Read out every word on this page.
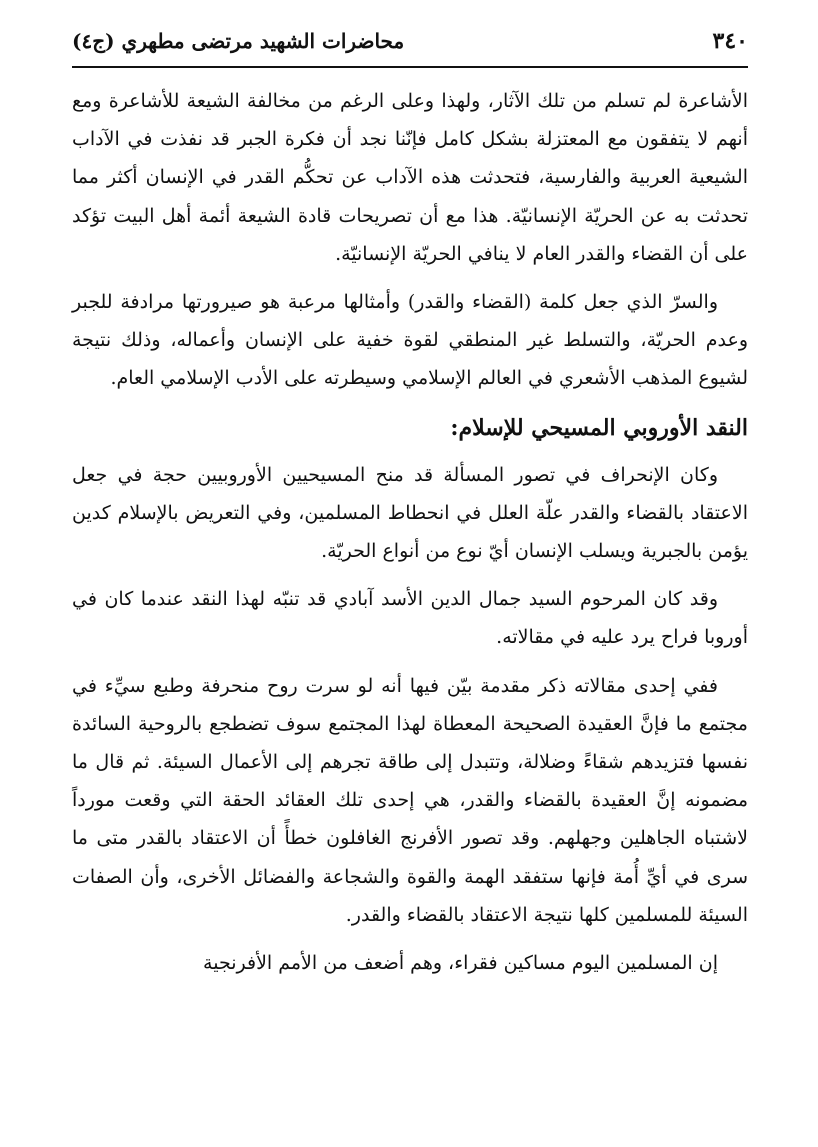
٣٤٠
محاضرات الشهيد مرتضى مطهري (ج٤)

الأشاعرة لم تسلم من تلك الآثار، ولهذا وعلى الرغم من مخالفة الشيعة للأشاعرة ومع أنهم لا يتفقون مع المعتزلة بشكل كامل فإنّنا نجد أن فكرة الجبر قد نفذت في الآداب الشيعية العربية والفارسية، فتحدثت هذه الآداب عن تحكُّم القدر في الإنسان أكثر مما تحدثت به عن الحريّة الإنسانيّة. هذا مع أن تصريحات قادة الشيعة أئمة أهل البيت تؤكد على أن القضاء والقدر العام لا ينافي الحريّة الإنسانيّة.

والسرّ الذي جعل كلمة (القضاء والقدر) وأمثالها مرعبة هو صيرورتها مرادفة للجبر وعدم الحريّة، والتسلط غير المنطقي لقوة خفية على الإنسان وأعماله، وذلك نتيجة لشيوع المذهب الأشعري في العالم الإسلامي وسيطرته على الأدب الإسلامي العام.

النقد الأوروبي المسيحي للإسلام:

وكان الإنحراف في تصور المسألة قد منح المسيحيين الأوروبيين حجة في جعل الاعتقاد بالقضاء والقدر علّة العلل في انحطاط المسلمين، وفي التعريض بالإسلام كدين يؤمن بالجبرية ويسلب الإنسان أيّ نوع من أنواع الحريّة.

وقد كان المرحوم السيد جمال الدين الأسد آبادي قد تنبّه لهذا النقد عندما كان في أوروبا فراح يرد عليه في مقالاته.

ففي إحدى مقالاته ذكر مقدمة بيّن فيها أنه لو سرت روح منحرفة وطبع سيِّء في مجتمع ما فإنَّ العقيدة الصحيحة المعطاة لهذا المجتمع سوف تضطجع بالروحية السائدة نفسها فتزيدهم شقاءً وضلالة، وتتبدل إلى طاقة تجرهم إلى الأعمال السيئة. ثم قال ما مضمونه إنَّ العقيدة بالقضاء والقدر، هي إحدى تلك العقائد الحقة التي وقعت مورداً لاشتباه الجاهلين وجهلهم. وقد تصور الأفرنج الغافلون خطأً أن الاعتقاد بالقدر متى ما سرى في أيِّ أُمة فإنها ستفقد الهمة والقوة والشجاعة والفضائل الأخرى، وأن الصفات السيئة للمسلمين كلها نتيجة الاعتقاد بالقضاء والقدر.

إن المسلمين اليوم مساكين فقراء، وهم أضعف من الأمم الأفرنجية
